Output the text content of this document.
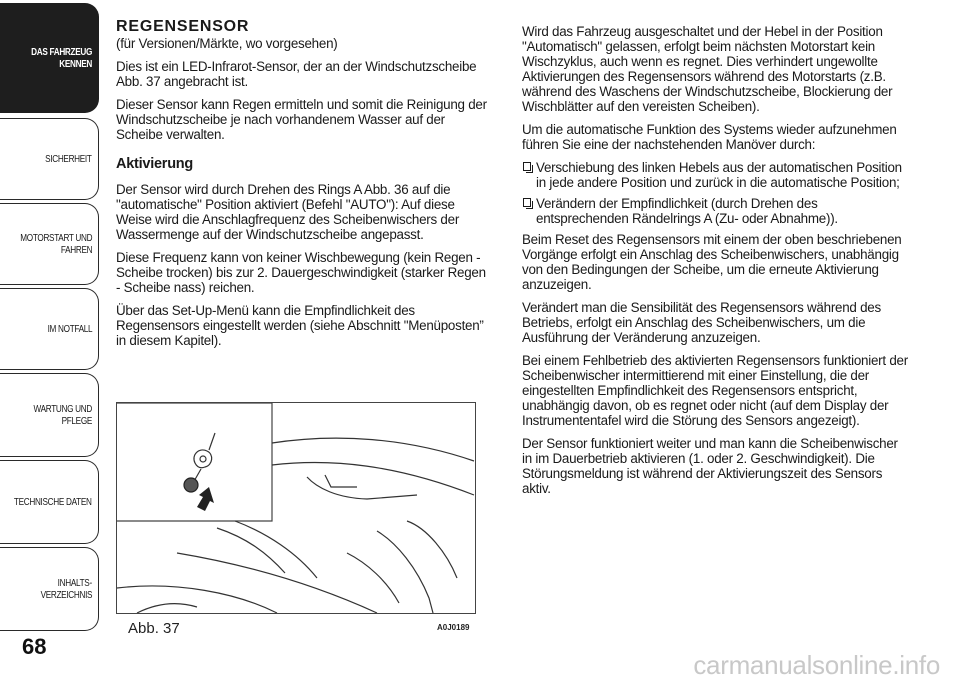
DAS FAHRZEUG
KENNEN
SICHERHEIT
MOTORSTART UND
FAHREN
IM NOTFALL
WARTUNG UND
PFLEGE
TECHNISCHE DATEN
INHALTS-
VERZEICHNIS
68
REGENSENSOR

(für Versionen/Märkte, wo vorgesehen)

Dies ist ein LED-Infrarot-Sensor, der an der Windschutzscheibe Abb. 37 angebracht ist.

Dieser Sensor kann Regen ermitteln und somit die Reinigung der Windschutzscheibe je nach vorhandenem Wasser auf der Scheibe verwalten.

Aktivierung

Der Sensor wird durch Drehen des Rings A Abb. 36 auf die "automatische" Position aktiviert (Befehl "AUTO"): Auf diese Weise wird die Anschlagfrequenz des Scheibenwischers der Wassermenge auf der Windschutzscheibe angepasst.

Diese Frequenz kann von keiner Wischbewegung (kein Regen - Scheibe trocken) bis zur 2. Dauergeschwindigkeit (starker Regen - Scheibe nass) reichen.

Über das Set-Up-Menü kann die Empfindlichkeit des Regensensors eingestellt werden (siehe Abschnitt "Menüposten” in diesem Kapitel).

Abb. 37	A0J0189

Wird das Fahrzeug ausgeschaltet und der Hebel in der Position "Automatisch" gelassen, erfolgt beim nächsten Motorstart kein Wischzyklus, auch wenn es regnet. Dies verhindert ungewollte Aktivierungen des Regensensors während des Motorstarts (z.B. während des Waschens der Windschutzscheibe, Blockierung der Wischblätter auf den vereisten Scheiben).

Um die automatische Funktion des Systems wieder aufzunehmen führen Sie eine der nachstehenden Manöver durch:

Verschiebung des linken Hebels aus der automatischen Position in jede andere Position und zurück in die automatische Position;
Verändern der Empfindlichkeit (durch Drehen des entsprechenden Rändelrings A (Zu- oder Abnahme)).

Beim Reset des Regensensors mit einem der oben beschriebenen Vorgänge erfolgt ein Anschlag des Scheibenwischers, unabhängig von den Bedingungen der Scheibe, um die erneute Aktivierung anzuzeigen.

Verändert man die Sensibilität des Regensensors während des Betriebs, erfolgt ein Anschlag des Scheibenwischers, um die Ausführung der Veränderung anzuzeigen.

Bei einem Fehlbetrieb des aktivierten Regensensors funktioniert der Scheibenwischer intermittierend mit einer Einstellung, die der eingestellten Empfindlichkeit des Regensensors entspricht, unabhängig davon, ob es regnet oder nicht (auf dem Display der Instrumententafel wird die Störung des Sensors angezeigt).

Der Sensor funktioniert weiter und man kann die Scheibenwischer in im Dauerbetrieb aktivieren (1. oder 2. Geschwindigkeit). Die Störungsmeldung ist während der Aktivierungszeit des Sensors aktiv.

carmanualsonline.info
